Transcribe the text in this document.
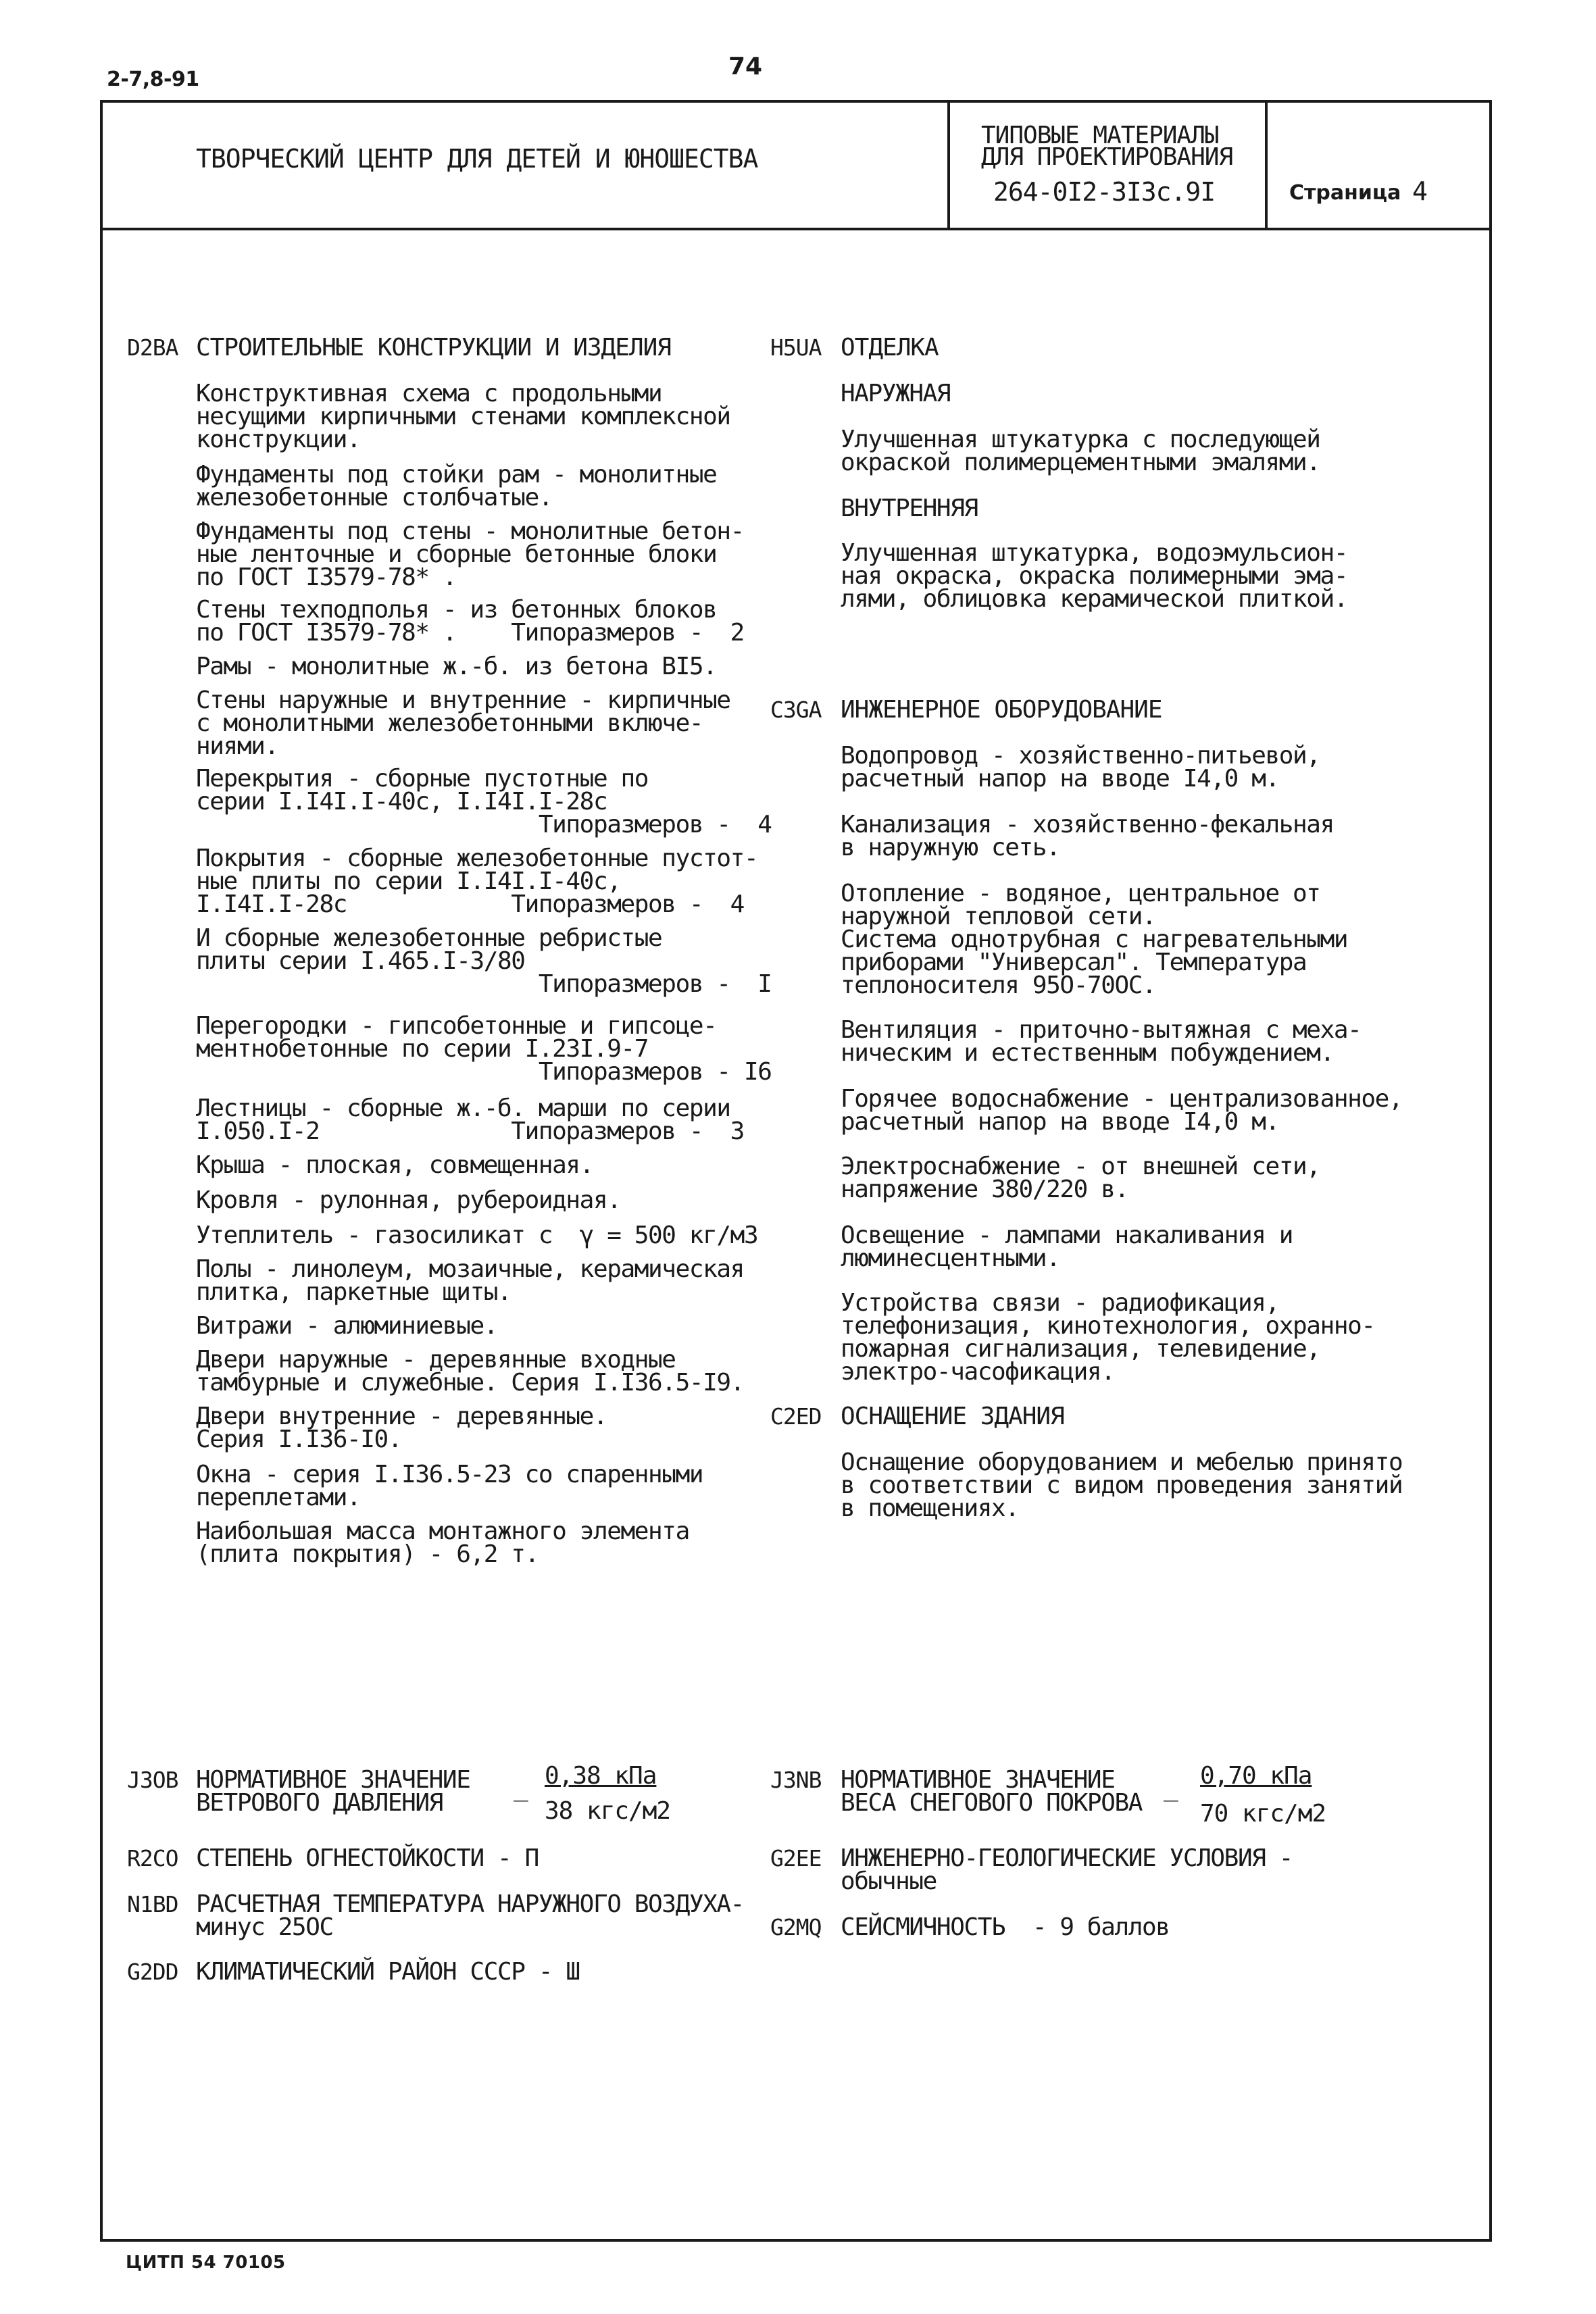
2-7,8-91	74
ТВОРЧЕСКИЙ ЦЕНТР ДЛЯ ДЕТЕЙ И ЮНОШЕСТВА
ТИПОВЫЕ МАТЕРИАЛЫ
ДЛЯ ПРОЕКТИРОВАНИЯ
264-0I2-3I3с.9I	Страница 4
D2BA СТРОИТЕЛЬНЫЕ КОНСТРУКЦИИ И ИЗДЕЛИЯ
Конструктивная схема с продольными
несущими кирпичными стенами комплексной
конструкции.
Фундаменты под стойки рам - монолитные
железобетонные столбчатые.
Фундаменты под стены - монолитные бетон-
ные ленточные и сборные бетонные блоки
по ГОСТ I3579-78* .
Стены техподполья - из бетонных блоков
по ГОСТ I3579-78* .    Типоразмеров -  2
Рамы - монолитные ж.-б. из бетона ВI5.
Стены наружные и внутренние - кирпичные
с монолитными железобетонными включе-
ниями.
Перекрытия - сборные пустотные по
серии I.I4I.I-40с, I.I4I.I-28с
Типоразмеров -  4
Покрытия - сборные железобетонные пустот-
ные плиты по серии I.I4I.I-40с,
I.I4I.I-28с            Типоразмеров -  4
И сборные железобетонные ребристые
плиты серии I.465.I-3/80
Типоразмеров -  I
Перегородки - гипсобетонные и гипсоце-
ментнобетонные по серии I.23I.9-7
Типоразмеров - I6
Лестницы - сборные ж.-б. марши по серии
I.050.I-2              Типоразмеров -  3
Крыша - плоская, совмещенная.
Кровля - рулонная, рубероидная.
Утеплитель - газосиликат с  γ = 500 кг/м3
Полы - линолеум, мозаичные, керамическая
плитка, паркетные щиты.
Витражи - алюминиевые.
Двери наружные - деревянные входные
тамбурные и служебные. Серия I.I36.5-I9.
Двери внутренние - деревянные.
Серия I.I36-I0.
Окна - серия I.I36.5-23 со спаренными
переплетами.
Наибольшая масса монтажного элемента
(плита покрытия) - 6,2 т.
H5UA ОТДЕЛКА
НАРУЖНАЯ
Улучшенная штукатурка с последующей
окраской полимерцементными эмалями.
ВНУТРЕННЯЯ
Улучшенная штукатурка, водоэмульсион-
ная окраска, окраска полимерными эма-
лями, облицовка керамической плиткой.
C3GA ИНЖЕНЕРНОЕ ОБОРУДОВАНИЕ
Водопровод - хозяйственно-питьевой,
расчетный напор на вводе I4,0 м.
Канализация - хозяйственно-фекальная
в наружную сеть.
Отопление - водяное, центральное от
наружной тепловой сети.
Система однотрубная с нагревательными
приборами "Универсал". Температура
теплоносителя 95О-70ОС.
Вентиляция - приточно-вытяжная с меха-
ническим и естественным побуждением.
Горячее водоснабжение - централизованное,
расчетный напор на вводе I4,0 м.
Электроснабжение - от внешней сети,
напряжение 380/220 в.
Освещение - лампами накаливания и
люминесцентными.
Устройства связи - радиофикация,
телефонизация, кинотехнология, охранно-
пожарная сигнализация, телевидение,
электро-часофикация.
C2ED ОСНАЩЕНИЕ ЗДАНИЯ
Оснащение оборудованием и мебелью принято
в соответствии с видом проведения занятий
в помещениях.
J3OB НОРМАТИВНОЕ ЗНАЧЕНИЕ
ВЕТРОВОГО ДАВЛЕНИЯ
_ 0,38 кПа
38 кгс/м2
J3NB НОРМАТИВНОЕ ЗНАЧЕНИЕ
ВЕСА СНЕГОВОГО ПОКРОВА
_ 0,70 кПа
70 кгс/м2
R2CO СТЕПЕНЬ ОГНЕСТОЙКОСТИ - П	G2EE ИНЖЕНЕРНО-ГЕОЛОГИЧЕСКИЕ УСЛОВИЯ -
обычные
N1BD РАСЧЕТНАЯ ТЕМПЕРАТУРА НАРУЖНОГО ВОЗДУХА-
минус 25ОС	G2MQ СЕЙСМИЧНОСТЬ  - 9 баллов
G2DD КЛИМАТИЧЕСКИЙ РАЙОН СССР - Ш
ЦИТП 54 70105
